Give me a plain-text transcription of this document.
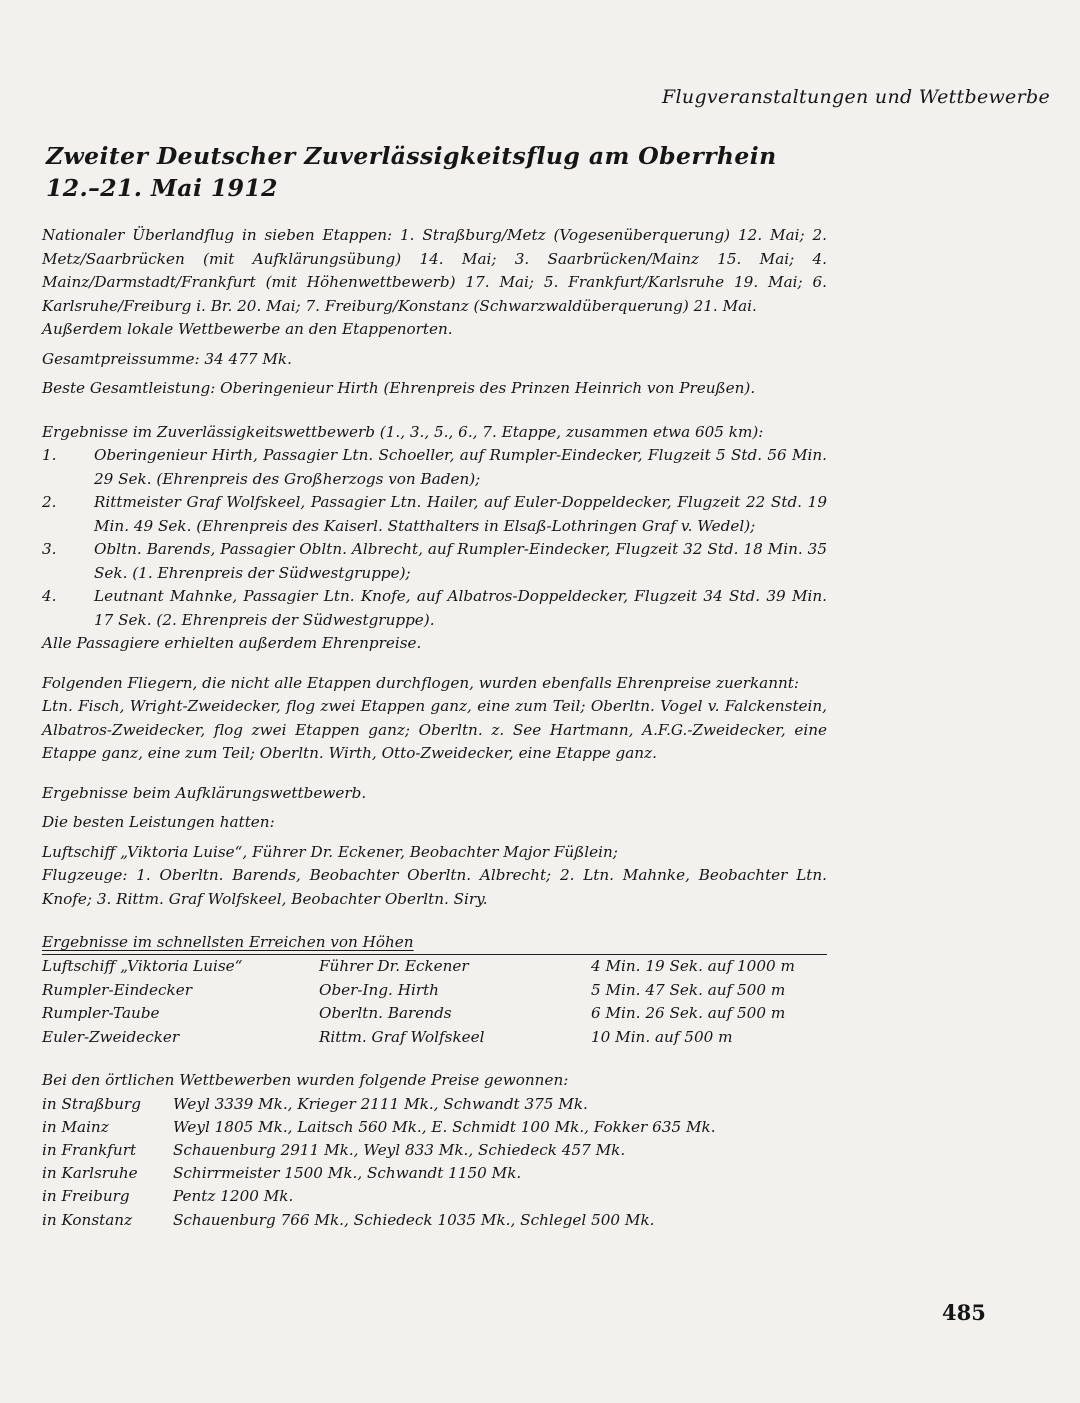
Flugveranstaltungen und Wettbewerbe
Zweiter Deutscher Zuverlässigkeitsflug am Oberrhein
12.–21. Mai 1912
Nationaler Überlandflug in sieben Etappen: 1. Straßburg/Metz (Vogesenüberquerung) 12. Mai; 2. Metz/Saarbrücken (mit Aufklärungsübung) 14. Mai; 3. Saarbrücken/Mainz 15. Mai; 4. Mainz/Darmstadt/Frankfurt (mit Höhenwettbewerb) 17. Mai; 5. Frankfurt/Karlsruhe 19. Mai; 6. Karlsruhe/Freiburg i. Br. 20. Mai; 7. Freiburg/Konstanz (Schwarzwaldüberquerung) 21. Mai.
Außerdem lokale Wettbewerbe an den Etappenorten.
Gesamtpreissumme: 34 477 Mk.
Beste Gesamtleistung: Oberingenieur Hirth (Ehrenpreis des Prinzen Heinrich von Preußen).
Ergebnisse im Zuverlässigkeitswettbewerb (1., 3., 5., 6., 7. Etappe, zusammen etwa 605 km):
1.	Oberingenieur Hirth, Passagier Ltn. Schoeller, auf Rumpler-Eindecker, Flugzeit 5 Std. 56 Min. 29 Sek. (Ehrenpreis des Großherzogs von Baden);
2.	Rittmeister Graf Wolfskeel, Passagier Ltn. Hailer, auf Euler-Doppeldecker, Flugzeit 22 Std. 19 Min. 49 Sek. (Ehrenpreis des Kaiserl. Statthalters in Elsaß-Lothringen Graf v. Wedel);
3.	Obltn. Barends, Passagier Obltn. Albrecht, auf Rumpler-Eindecker, Flugzeit 32 Std. 18 Min. 35 Sek. (1. Ehrenpreis der Südwestgruppe);
4.	Leutnant Mahnke, Passagier Ltn. Knofe, auf Albatros-Doppeldecker, Flugzeit 34 Std. 39 Min. 17 Sek. (2. Ehrenpreis der Südwestgruppe).
Alle Passagiere erhielten außerdem Ehrenpreise.
Folgenden Fliegern, die nicht alle Etappen durchflogen, wurden ebenfalls Ehrenpreise zuerkannt:
Ltn. Fisch, Wright-Zweidecker, flog zwei Etappen ganz, eine zum Teil; Oberltn. Vogel v. Falckenstein, Albatros-Zweidecker, flog zwei Etappen ganz; Oberltn. z. See Hartmann, A.F.G.-Zweidecker, eine Etappe ganz, eine zum Teil; Oberltn. Wirth, Otto-Zweidecker, eine Etappe ganz.
Ergebnisse beim Aufklärungswettbewerb.
Die besten Leistungen hatten:
Luftschiff „Viktoria Luise“, Führer Dr. Eckener, Beobachter Major Füßlein;
Flugzeuge: 1. Oberltn. Barends, Beobachter Oberltn. Albrecht; 2. Ltn. Mahnke, Beobachter Ltn. Knofe; 3. Rittm. Graf Wolfskeel, Beobachter Oberltn. Siry.
Ergebnisse im schnellsten Erreichen von Höhen
Luftschiff „Viktoria Luise“	Führer Dr. Eckener	4 Min. 19 Sek. auf 1000 m
Rumpler-Eindecker	Ober-Ing. Hirth	5 Min. 47 Sek. auf 500 m
Rumpler-Taube	Oberltn. Barends	6 Min. 26 Sek. auf 500 m
Euler-Zweidecker	Rittm. Graf Wolfskeel	10 Min. auf 500 m
Bei den örtlichen Wettbewerben wurden folgende Preise gewonnen:
in Straßburg	Weyl 3339 Mk., Krieger 2111 Mk., Schwandt 375 Mk.
in Mainz	Weyl 1805 Mk., Laitsch 560 Mk., E. Schmidt 100 Mk., Fokker 635 Mk.
in Frankfurt	Schauenburg 2911 Mk., Weyl 833 Mk., Schiedeck 457 Mk.
in Karlsruhe	Schirrmeister 1500 Mk., Schwandt 1150 Mk.
in Freiburg	Pentz 1200 Mk.
in Konstanz	Schauenburg 766 Mk., Schiedeck 1035 Mk., Schlegel 500 Mk.
485
